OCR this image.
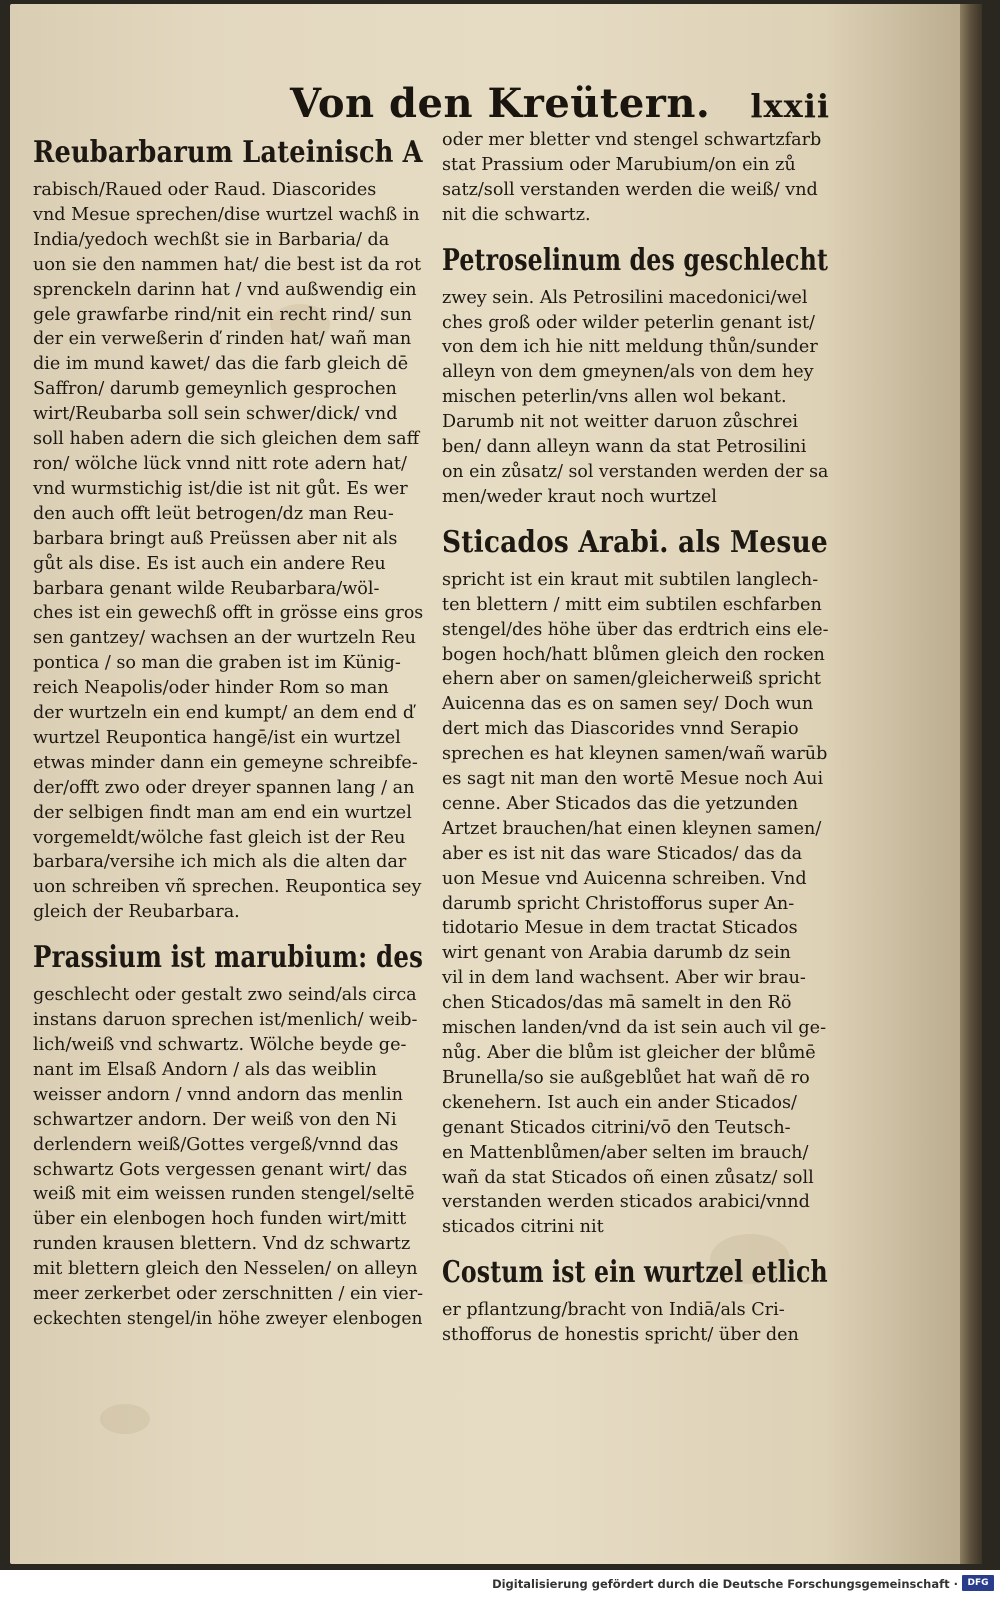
Von den Kreütern. lxxii
Reubarbarum Lateinisch A
rabisch/Raued oder Raud. Diascorides
vnd Mesue sprechen/dise wurtzel wachß in
India/yedoch wechßt sie in Barbaria/ da
uon sie den nammen hat/ die best ist da rot
sprenckeln darinn hat / vnd außwendig ein
gele grawfarbe rind/nit ein recht rind/ sun
der ein verweßerin ď rinden hat/ wañ man
die im mund kawet/ das die farb gleich dē
Saffron/ darumb gemeynlich gesprochen
wirt/Reubarba soll sein schwer/dick/ vnd
soll haben adern die sich gleichen dem saff
ron/ wölche lück vnnd nitt rote adern hat/
vnd wurmstichig ist/die ist nit gůt. Es wer
den auch offt leüt betrogen/dz man Reu-
barbara bringt auß Preüssen aber nit als
gůt als dise. Es ist auch ein andere Reu
barbara genant wilde Reubarbara/wöl-
ches ist ein gewechß offt in grösse eins gros
sen gantzey/ wachsen an der wurtzeln Reu
pontica / so man die graben ist im Künig-
reich Neapolis/oder hinder Rom so man
der wurtzeln ein end kumpt/ an dem end ď
wurtzel Reupontica hangē/ist ein wurtzel
etwas minder dann ein gemeyne schreibfe-
der/offt zwo oder dreyer spannen lang / an
der selbigen findt man am end ein wurtzel
vorgemeldt/wölche fast gleich ist der Reu
barbara/versihe ich mich als die alten dar
uon schreiben vñ sprechen. Reupontica sey
gleich der Reubarbara.
Prassium ist marubium: des
geschlecht oder gestalt zwo seind/als circa
instans daruon sprechen ist/menlich/ weib-
lich/weiß vnd schwartz. Wölche beyde ge-
nant im Elsaß Andorn / als das weiblin
weisser andorn / vnnd andorn das menlin
schwartzer andorn. Der weiß von den Ni
derlendern weiß/Gottes vergeß/vnnd das
schwartz Gots vergessen genant wirt/ das
weiß mit eim weissen runden stengel/seltē
über ein elenbogen hoch funden wirt/mitt
runden krausen blettern. Vnd dz schwartz
mit blettern gleich den Nesselen/ on alleyn
meer zerkerbet oder zerschnitten / ein vier-
eckechten stengel/in höhe zweyer elenbogen
oder mer bletter vnd stengel schwartzfarb
stat Prassium oder Marubium/on ein zů
satz/soll verstanden werden die weiß/ vnd
nit die schwartz.
Petroselinum des geschlecht
zwey sein. Als Petrosilini macedonici/wel
ches groß oder wilder peterlin genant ist/
von dem ich hie nitt meldung thůn/sunder
alleyn von dem gmeynen/als von dem hey
mischen peterlin/vns allen wol bekant.
Darumb nit not weitter daruon zůschrei
ben/ dann alleyn wann da stat Petrosilini
on ein zůsatz/ sol verstanden werden der sa
men/weder kraut noch wurtzel
Sticados Arabi. als Mesue
spricht ist ein kraut mit subtilen langlech-
ten blettern / mitt eim subtilen eschfarben
stengel/des höhe über das erdtrich eins ele-
bogen hoch/hatt blůmen gleich den rocken
ehern aber on samen/gleicherweiß spricht
Auicenna das es on samen sey/ Doch wun
dert mich das Diascorides vnnd Serapio
sprechen es hat kleynen samen/wañ warūb
es sagt nit man den wortē Mesue noch Aui
cenne. Aber Sticados das die yetzunden
Artzet brauchen/hat einen kleynen samen/
aber es ist nit das ware Sticados/ das da
uon Mesue vnd Auicenna schreiben. Vnd
darumb spricht Christofforus super An-
tidotario Mesue in dem tractat Sticados
wirt genant von Arabia darumb dz sein
vil in dem land wachsent. Aber wir brau-
chen Sticados/das mā samelt in den Rö
mischen landen/vnd da ist sein auch vil ge-
nůg. Aber die blům ist gleicher der blůmē
Brunella/so sie außgeblůet hat wañ dē ro
ckenehern. Ist auch ein ander Sticados/
genant Sticados citrini/vō den Teutsch-
en Mattenblůmen/aber selten im brauch/
wañ da stat Sticados oñ einen zůsatz/ soll
verstanden werden sticados arabici/vnnd
sticados citrini nit
Costum ist ein wurtzel etlich
er pflantzung/bracht von Indiā/als Cri-
sthofforus de honestis spricht/ über den
Digitalisierung gefördert durch die Deutsche Forschungsgemeinschaft ·	DFG
